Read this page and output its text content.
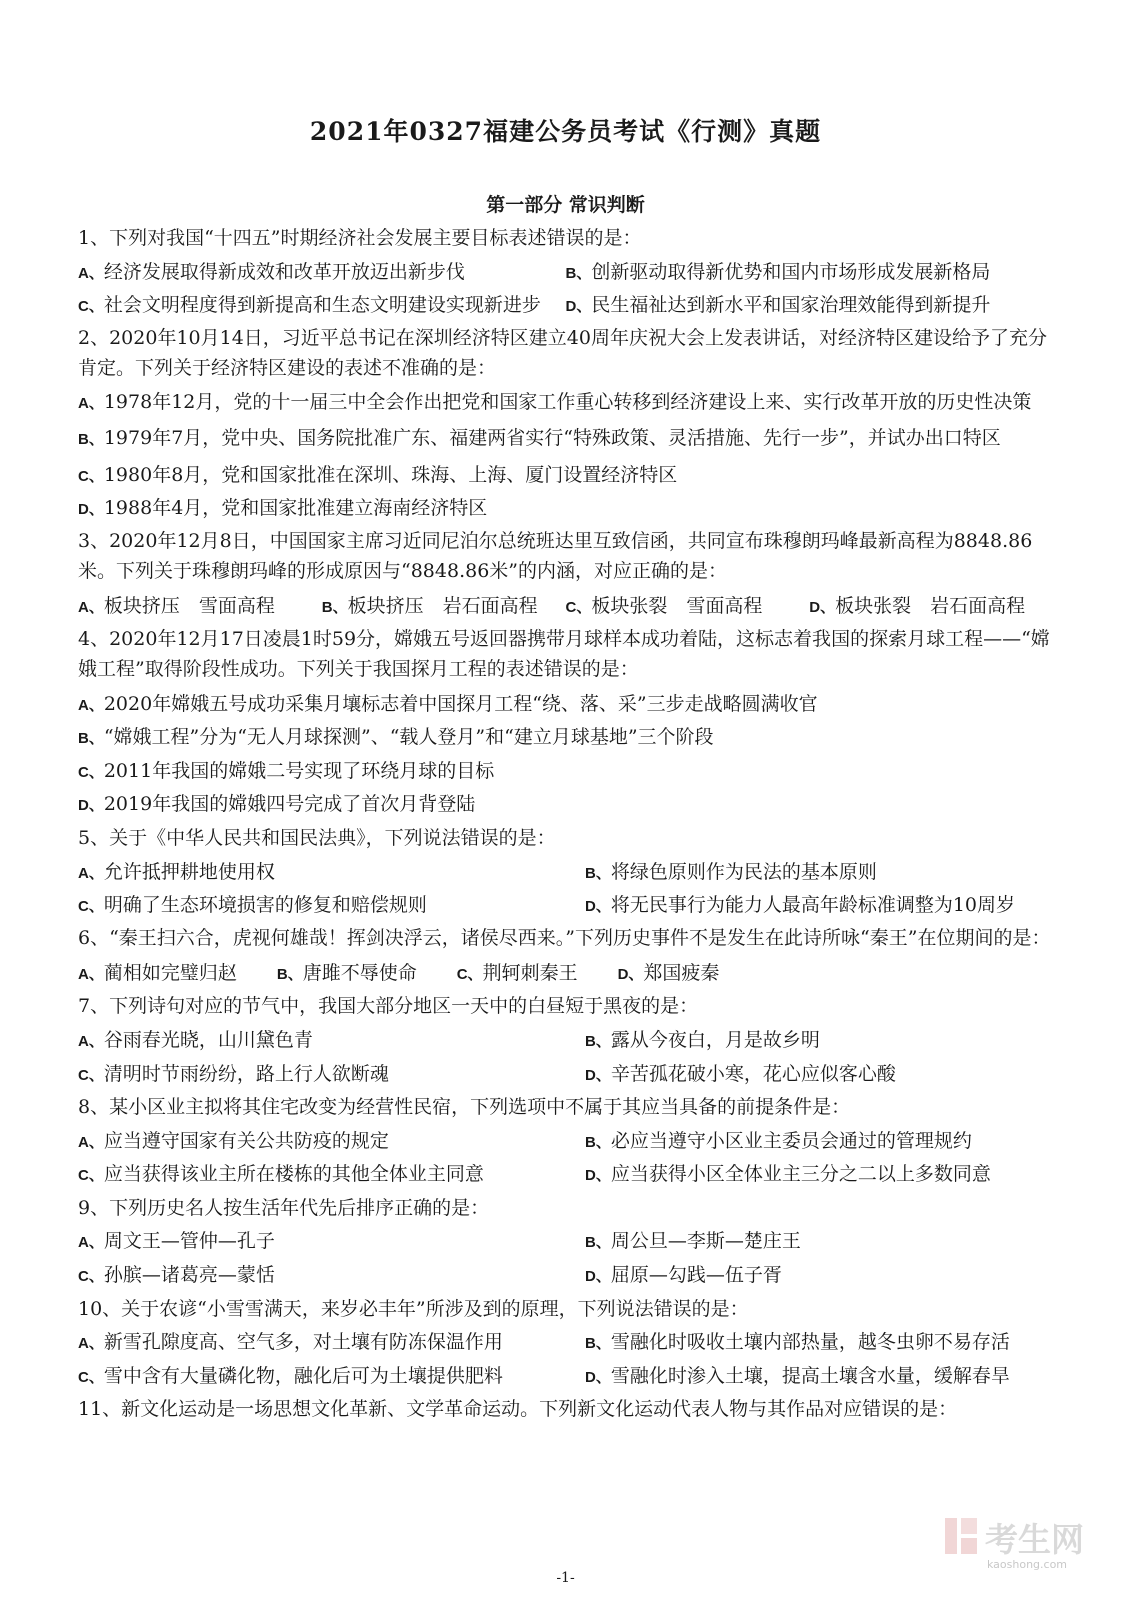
2021年0327福建公务员考试《行测》真题
第一部分 常识判断
1、下列对我国“十四五”时期经济社会发展主要目标表述错误的是：
A、经济发展取得新成效和改革开放迈出新步伐	B、创新驱动取得新优势和国内市场形成发展新格局
C、社会文明程度得到新提高和生态文明建设实现新进步	D、民生福祉达到新水平和国家治理效能得到新提升
2、2020年10月14日，习近平总书记在深圳经济特区建立40周年庆祝大会上发表讲话，对经济特区建设给予了充分肯定。下列关于经济特区建设的表述不准确的是：
A、1978年12月，党的十一届三中全会作出把党和国家工作重心转移到经济建设上来、实行改革开放的历史性决策
B、1979年7月，党中央、国务院批准广东、福建两省实行“特殊政策、灵活措施、先行一步”，并试办出口特区
C、1980年8月，党和国家批准在深圳、珠海、上海、厦门设置经济特区
D、1988年4月，党和国家批准建立海南经济特区
3、2020年12月8日，中国国家主席习近同尼泊尔总统班达里互致信函，共同宣布珠穆朗玛峰最新高程为8848.86米。下列关于珠穆朗玛峰的形成原因与“8848.86米”的内涵，对应正确的是：
A、板块挤压　雪面高程	B、板块挤压　岩石面高程	C、板块张裂　雪面高程	D、板块张裂　岩石面高程
4、2020年12月17日凌晨1时59分，嫦娥五号返回器携带月球样本成功着陆，这标志着我国的探索月球工程——“嫦娥工程”取得阶段性成功。下列关于我国探月工程的表述错误的是：
A、2020年嫦娥五号成功采集月壤标志着中国探月工程“绕、落、采”三步走战略圆满收官
B、“嫦娥工程”分为“无人月球探测”、“载人登月”和“建立月球基地”三个阶段
C、2011年我国的嫦娥二号实现了环绕月球的目标
D、2019年我国的嫦娥四号完成了首次月背登陆
5、关于《中华人民共和国民法典》，下列说法错误的是：
A、允许抵押耕地使用权	B、将绿色原则作为民法的基本原则
C、明确了生态环境损害的修复和赔偿规则	D、将无民事行为能力人最高年龄标准调整为10周岁
6、“秦王扫六合，虎视何雄哉！挥剑决浮云，诸侯尽西来。”下列历史事件不是发生在此诗所咏“秦王”在位期间的是：
A、蔺相如完璧归赵	B、唐雎不辱使命	C、荆轲刺秦王	D、郑国疲秦
7、下列诗句对应的节气中，我国大部分地区一天中的白昼短于黑夜的是：
A、谷雨春光晓，山川黛色青	B、露从今夜白，月是故乡明
C、清明时节雨纷纷，路上行人欲断魂	D、辛苦孤花破小寒，花心应似客心酸
8、某小区业主拟将其住宅改变为经营性民宿，下列选项中不属于其应当具备的前提条件是：
A、应当遵守国家有关公共防疫的规定	B、必应当遵守小区业主委员会通过的管理规约
C、应当获得该业主所在楼栋的其他全体业主同意	D、应当获得小区全体业主三分之二以上多数同意
9、下列历史名人按生活年代先后排序正确的是：
A、周文王—管仲—孔子	B、周公旦—李斯—楚庄王
C、孙膑—诸葛亮—蒙恬	D、屈原—勾践—伍子胥
10、关于农谚“小雪雪满天，来岁必丰年”所涉及到的原理，下列说法错误的是：
A、新雪孔隙度高、空气多，对土壤有防冻保温作用	B、雪融化时吸收土壤内部热量，越冬虫卵不易存活
C、雪中含有大量磷化物，融化后可为土壤提供肥料	D、雪融化时渗入土壤，提高土壤含水量，缓解春旱
11、新文化运动是一场思想文化革新、文学革命运动。下列新文化运动代表人物与其作品对应错误的是：
考生网
kaoshong.com
-1-
